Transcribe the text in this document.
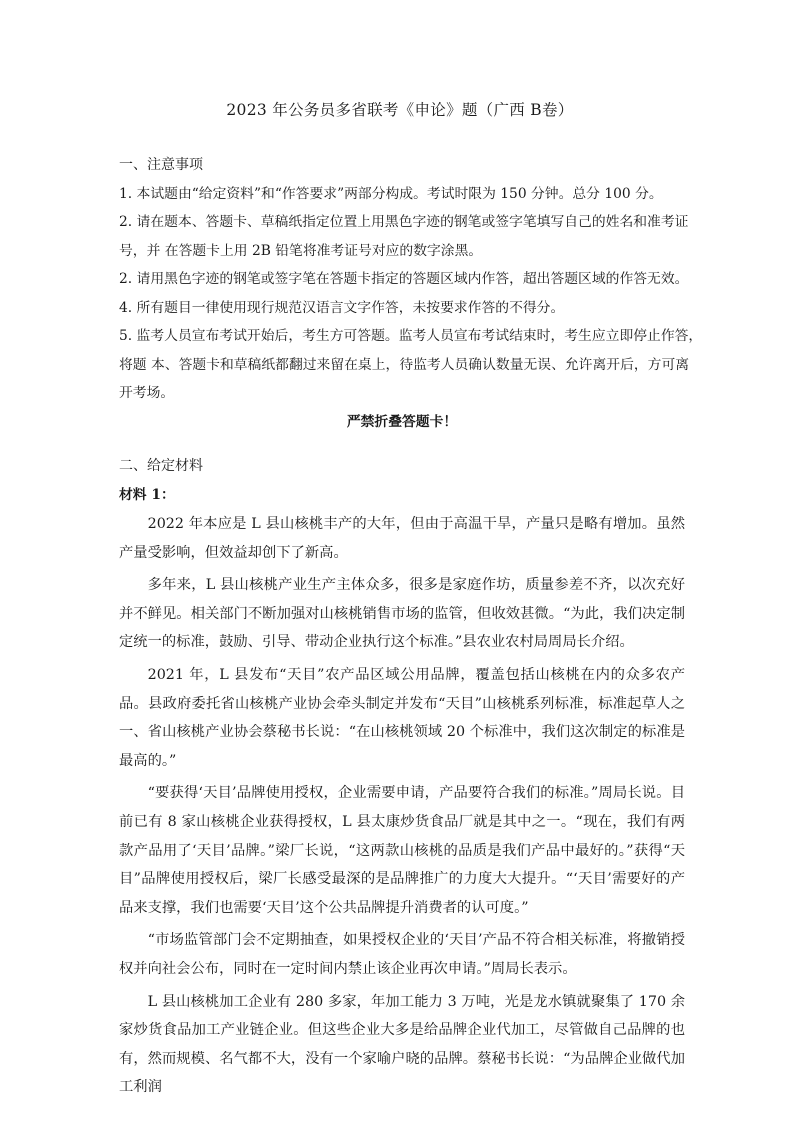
2023 年公务员多省联考《申论》题（广西 B卷）

一、注意事项

1. 本试题由“给定资料”和“作答要求”两部分构成。考试时限为 150 分钟。总分 100 分。

2. 请在题本、答题卡、草稿纸指定位置上用黑色字迹的钢笔或签字笔填写自己的姓名和准考证

号，并 在答题卡上用 2B 铅笔将准考证号对应的数字涂黑。

2. 请用黑色字迹的钢笔或签字笔在答题卡指定的答题区域内作答，超出答题区域的作答无效。

4. 所有题目一律使用现行规范汉语言文字作答，未按要求作答的不得分。

5. 监考人员宣布考试开始后，考生方可答题。监考人员宣布考试结束时，考生应立即停止作答，

将题 本、答题卡和草稿纸都翻过来留在桌上，待监考人员确认数量无误、允许离开后，方可离

开考场。

严禁折叠答题卡！

二、给定材料

材料 1：

2022 年本应是 L 县山核桃丰产的大年，但由于高温干旱，产量只是略有增加。虽然产量受影响，但效益却创下了新高。

多年来，L 县山核桃产业生产主体众多，很多是家庭作坊，质量参差不齐，以次充好并不鲜见。相关部门不断加强对山核桃销售市场的监管，但收效甚微。“为此，我们决定制定统一的标准，鼓励、引导、带动企业执行这个标准。”县农业农村局周局长介绍。

2021 年，L 县发布“天目”农产品区域公用品牌，覆盖包括山核桃在内的众多农产品。县政府委托省山核桃产业协会牵头制定并发布“天目”山核桃系列标准，标准起草人之一、省山核桃产业协会蔡秘书长说：“在山核桃领域 20 个标准中，我们这次制定的标准是最高的。”

“要获得‘天目’品牌使用授权，企业需要申请，产品要符合我们的标准。”周局长说。目前已有 8 家山核桃企业获得授权，L 县太康炒货食品厂就是其中之一。“现在，我们有两款产品用了‘天目’品牌。”梁厂长说，“这两款山核桃的品质是我们产品中最好的。”获得“天目”品牌使用授权后，梁厂长感受最深的是品牌推广的力度大大提升。“‘天目’需要好的产品来支撑，我们也需要‘天目’这个公共品牌提升消费者的认可度。”

“市场监管部门会不定期抽查，如果授权企业的‘天目’产品不符合相关标准，将撤销授权并向社会公布，同时在一定时间内禁止该企业再次申请。”周局长表示。

L 县山核桃加工企业有 280 多家，年加工能力 3 万吨，光是龙水镇就聚集了 170 余家炒货食品加工产业链企业。但这些企业大多是给品牌企业代加工，尽管做自己品牌的也有，然而规模、名气都不大，没有一个家喻户晓的品牌。蔡秘书长说：“为品牌企业做代加工利润
